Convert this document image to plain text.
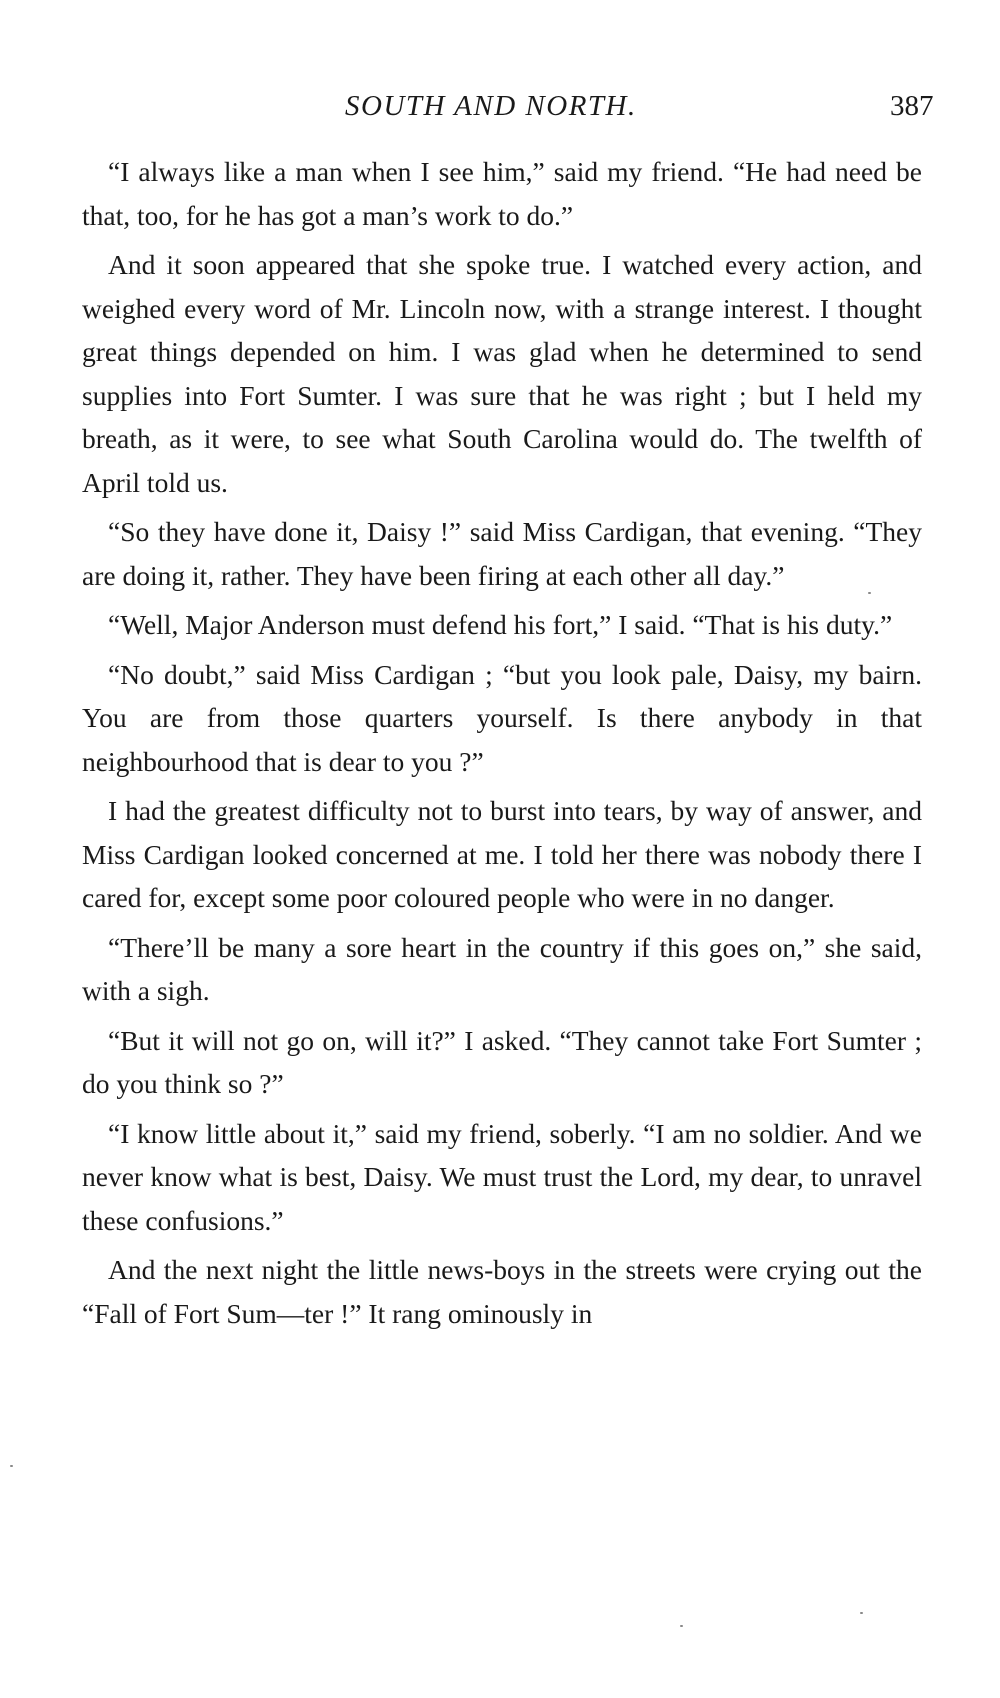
SOUTH AND NORTH.	387

“I always like a man when I see him,” said my friend. “He had need be that, too, for he has got a man’s work to do.”

And it soon appeared that she spoke true. I watched every action, and weighed every word of Mr. Lincoln now, with a strange interest. I thought great things depended on him. I was glad when he determined to send supplies into Fort Sumter. I was sure that he was right ; but I held my breath, as it were, to see what South Carolina would do. The twelfth of April told us.

“So they have done it, Daisy !” said Miss Cardigan, that evening. “They are doing it, rather. They have been firing at each other all day.”

“Well, Major Anderson must defend his fort,” I said. “That is his duty.”

“No doubt,” said Miss Cardigan ; “but you look pale, Daisy, my bairn. You are from those quarters yourself. Is there anybody in that neighbourhood that is dear to you ?”

I had the greatest difficulty not to burst into tears, by way of answer, and Miss Cardigan looked concerned at me. I told her there was nobody there I cared for, except some poor coloured people who were in no danger.

“There’ll be many a sore heart in the country if this goes on,” she said, with a sigh.

“But it will not go on, will it?” I asked. “They cannot take Fort Sumter ; do you think so ?”

“I know little about it,” said my friend, soberly. “I am no soldier. And we never know what is best, Daisy. We must trust the Lord, my dear, to unravel these confusions.”

And the next night the little news-boys in the streets were crying out the “Fall of Fort Sum—ter !” It rang ominously in
